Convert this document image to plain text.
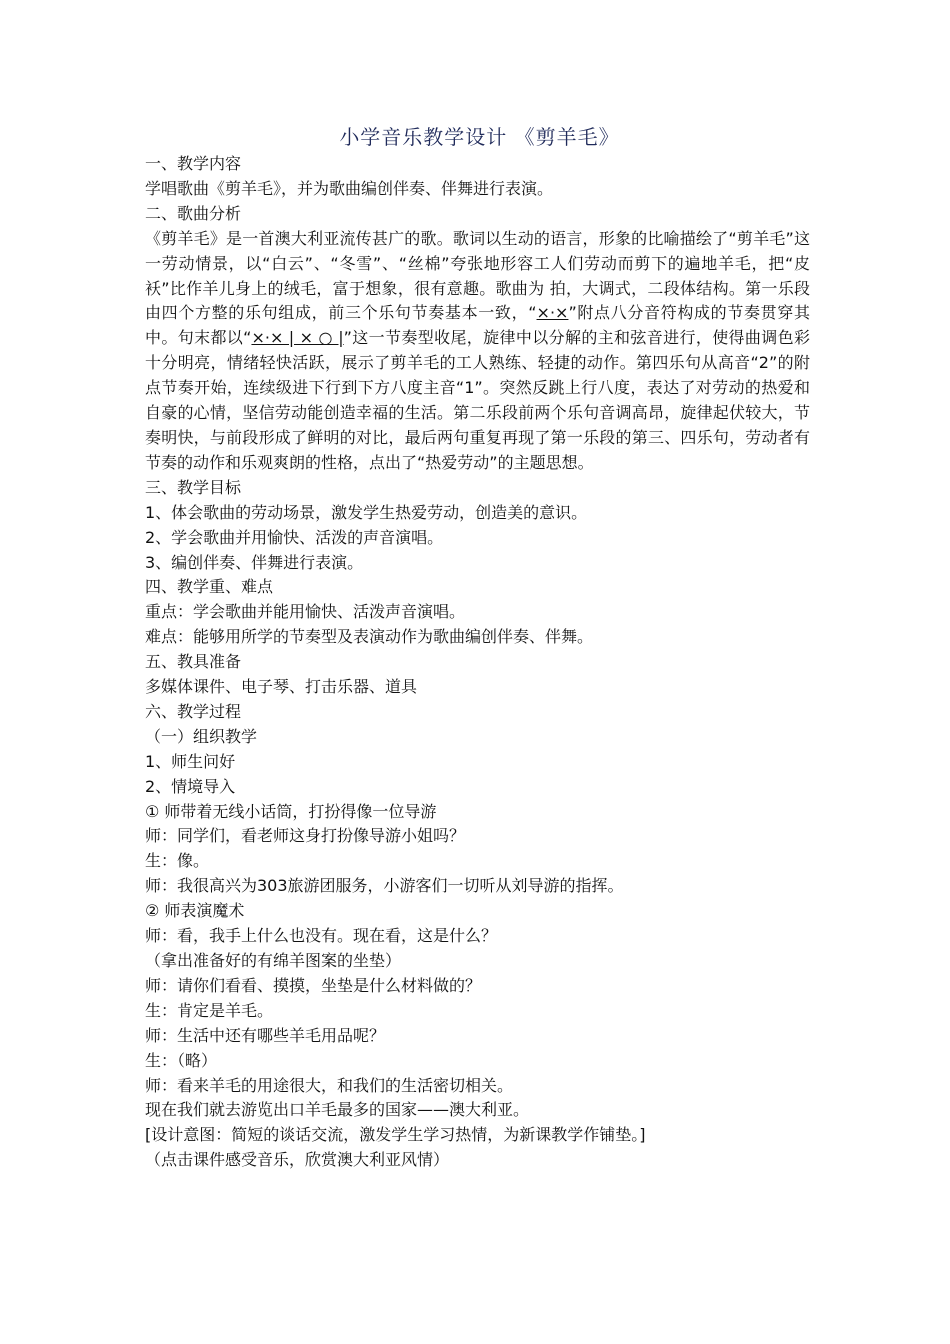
小学音乐教学设计 《剪羊毛》
一、教学内容
学唱歌曲《剪羊毛》，并为歌曲编创伴奏、伴舞进行表演。
二、歌曲分析
《剪羊毛》是一首澳大利亚流传甚广的歌。歌词以生动的语言，形象的比喻描绘了“剪羊毛”这一劳动情景，以“白云”、“冬雪”、“丝棉”夸张地形容工人们劳动而剪下的遍地羊毛，把“皮袄”比作羊儿身上的绒毛，富于想象，很有意趣。歌曲为 拍，大调式，二段体结构。第一乐段由四个方整的乐句组成，前三个乐句节奏基本一致，“×·×”附点八分音符构成的节奏贯穿其中。句末都以“×·× | × ○ |”这一节奏型收尾，旋律中以分解的主和弦音进行，使得曲调色彩十分明亮，情绪轻快活跃，展示了剪羊毛的工人熟练、轻捷的动作。第四乐句从高音“2”的附点节奏开始，连续级进下行到下方八度主音“1”。突然反跳上行八度，表达了对劳动的热爱和自豪的心情，坚信劳动能创造幸福的生活。第二乐段前两个乐句音调高昂，旋律起伏较大，节奏明快，与前段形成了鲜明的对比，最后两句重复再现了第一乐段的第三、四乐句，劳动者有节奏的动作和乐观爽朗的性格，点出了“热爱劳动”的主题思想。
三、教学目标
1、体会歌曲的劳动场景，激发学生热爱劳动，创造美的意识。
2、学会歌曲并用愉快、活泼的声音演唱。
3、编创伴奏、伴舞进行表演。
四、教学重、难点
重点：学会歌曲并能用愉快、活泼声音演唱。
难点：能够用所学的节奏型及表演动作为歌曲编创伴奏、伴舞。
五、教具准备
多媒体课件、电子琴、打击乐器、道具
六、教学过程
（一）组织教学
1、师生问好
2、情境导入
① 师带着无线小话筒，打扮得像一位导游
师：同学们，看老师这身打扮像导游小姐吗？
生：像。
师：我很高兴为303旅游团服务，小游客们一切听从刘导游的指挥。
② 师表演魔术
师：看，我手上什么也没有。现在看，这是什么？
（拿出准备好的有绵羊图案的坐垫）
师：请你们看看、摸摸，坐垫是什么材料做的？
生：肯定是羊毛。
师：生活中还有哪些羊毛用品呢？
生：（略）
师：看来羊毛的用途很大，和我们的生活密切相关。
现在我们就去游览出口羊毛最多的国家——澳大利亚。
[设计意图：简短的谈话交流，激发学生学习热情，为新课教学作铺垫。]
（点击课件感受音乐，欣赏澳大利亚风情）
